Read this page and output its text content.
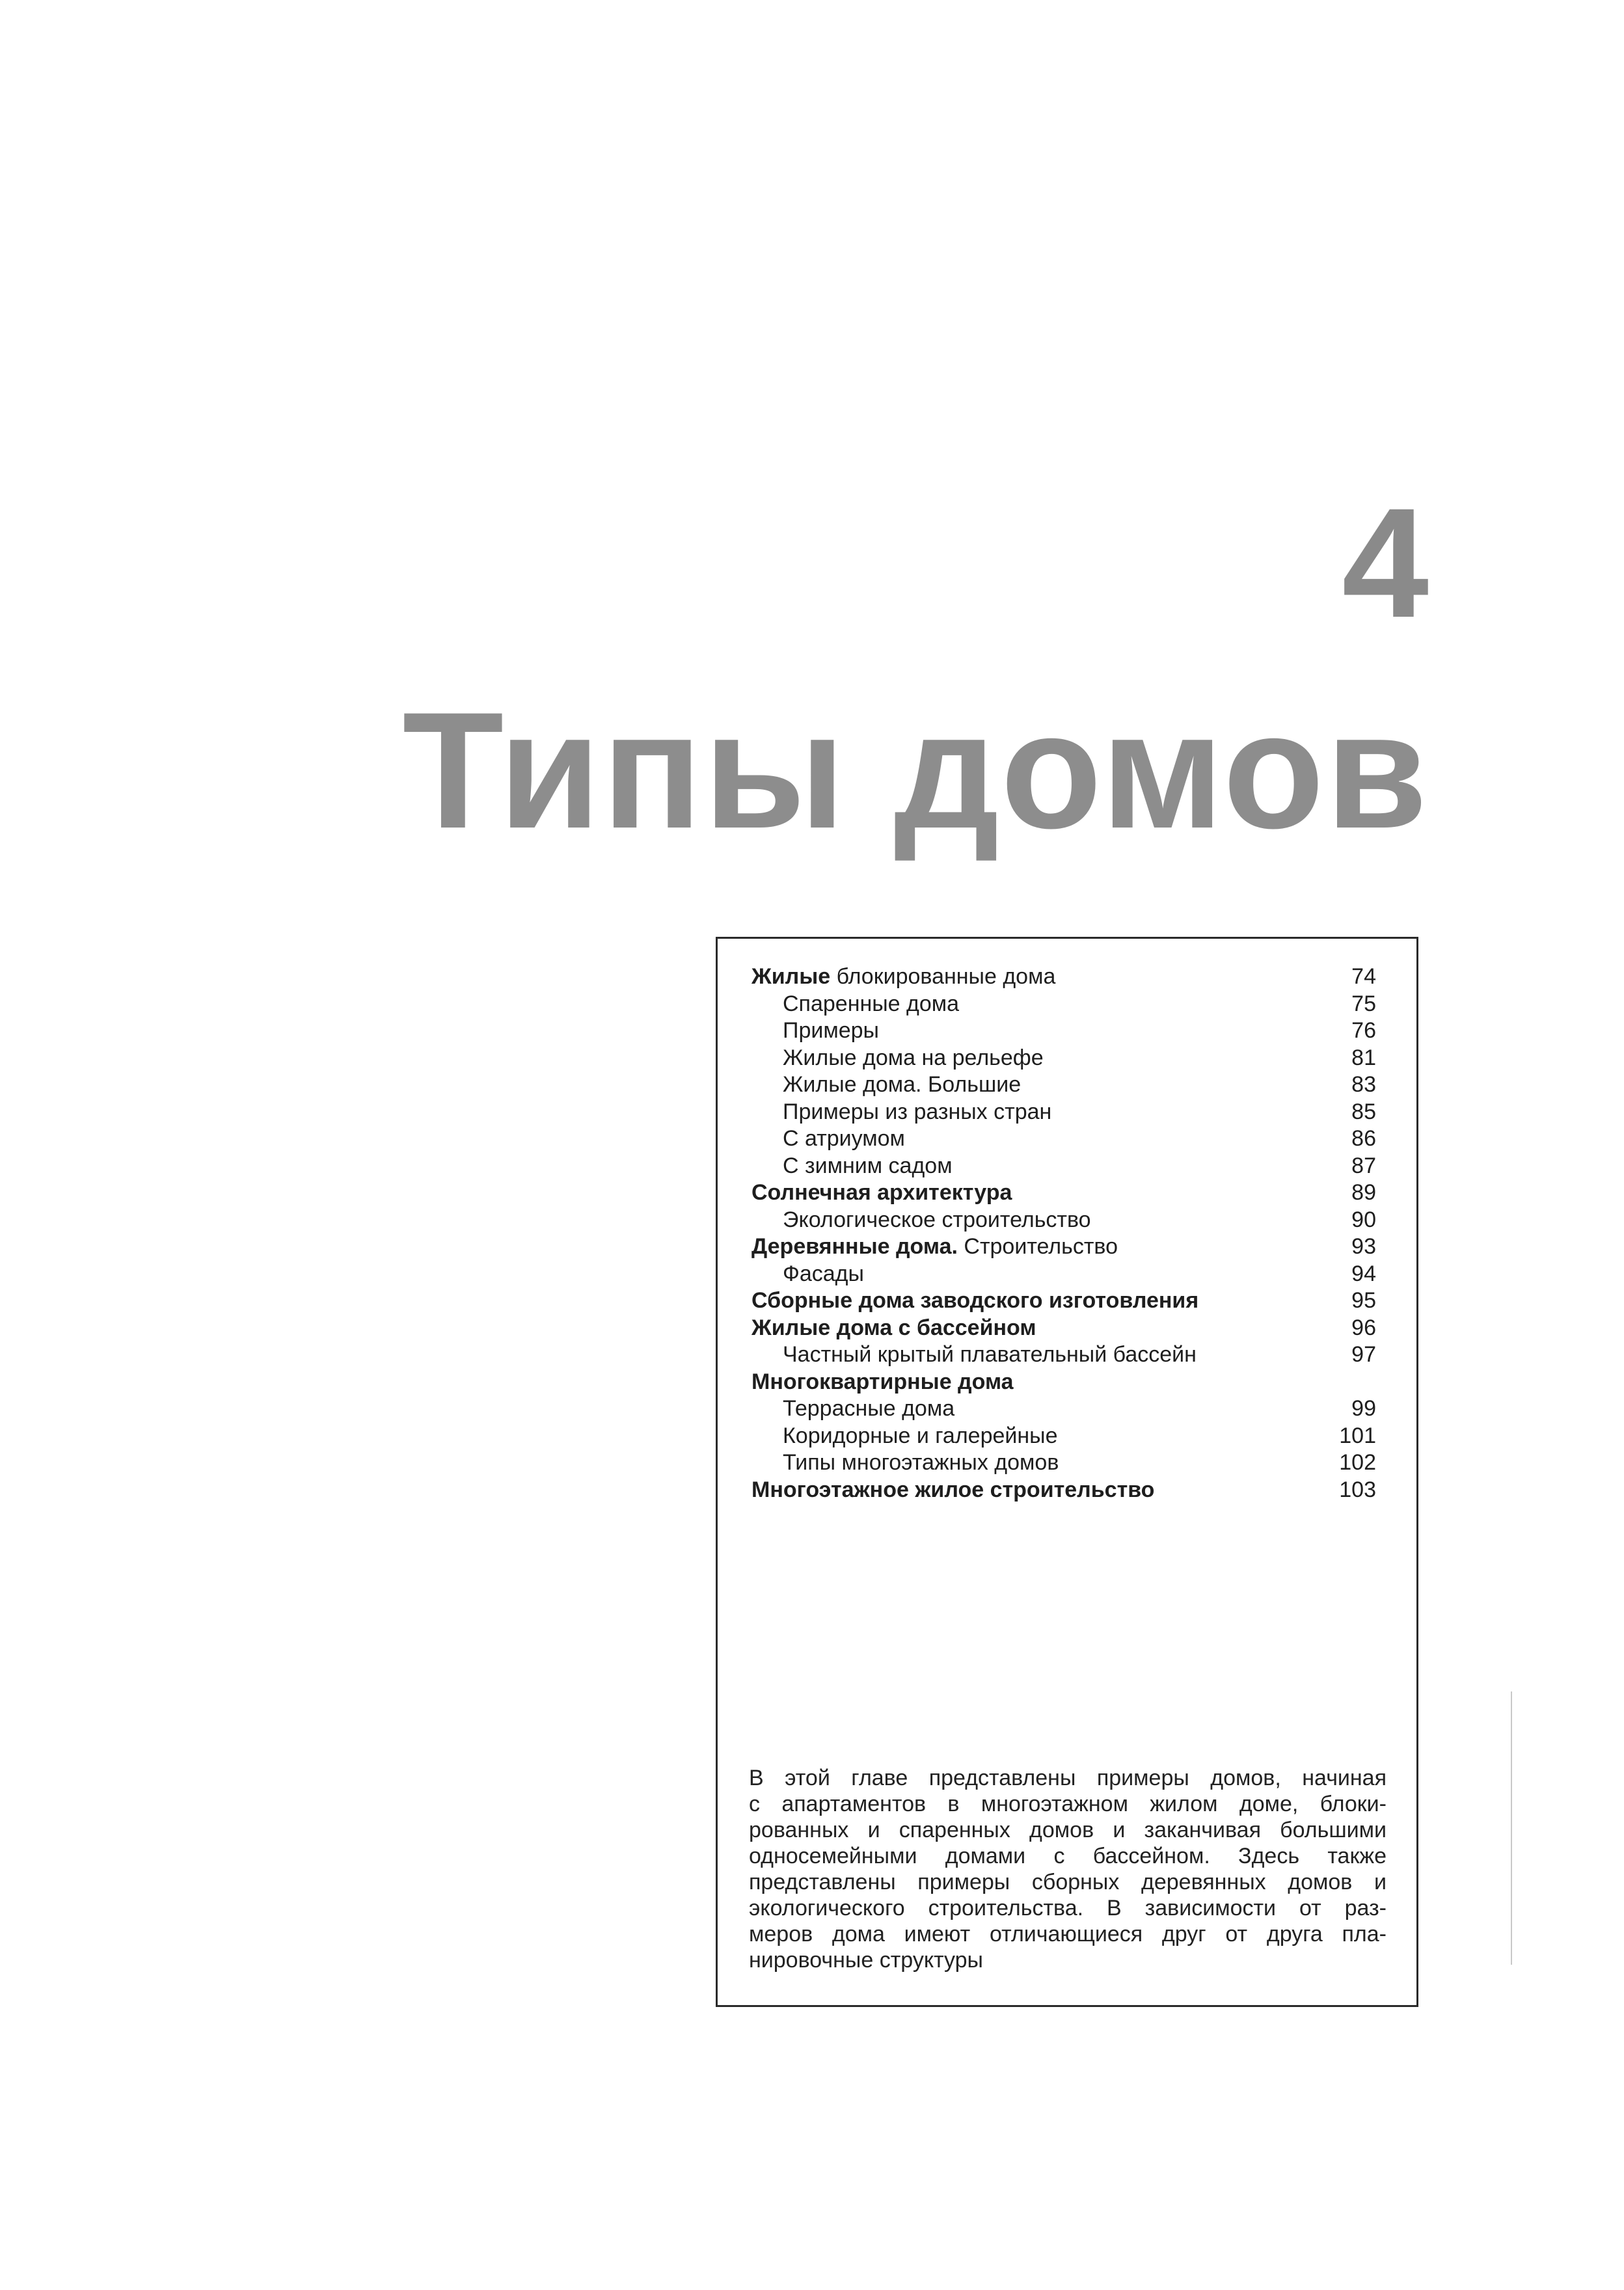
4
Типы домов
Жилые блокированные дома	74
Спаренные дома	75
Примеры	76
Жилые дома на рельефе	81
Жилые дома. Большие	83
Примеры из разных стран	85
С атриумом	86
С зимним садом	87
Солнечная архитектура	89
Экологическое строительство	90
Деревянные дома. Строительство	93
Фасады	94
Сборные дома заводского изготовления	95
Жилые дома с бассейном	96
Частный крытый плавательный бассейн	97
Многоквартирные дома
Террасные дома	99
Коридорные и галерейные	101
Типы многоэтажных домов	102
Многоэтажное жилое строительство	103
В этой главе представлены примеры домов, начиная
с апартаментов в многоэтажном жилом доме, блоки-
рованных и спаренных домов и заканчивая большими
односемейными домами с бассейном. Здесь также
представлены примеры сборных деревянных домов и
экологического строительства. В зависимости от раз-
меров дома имеют отличающиеся друг от друга пла-
нировочные структуры
